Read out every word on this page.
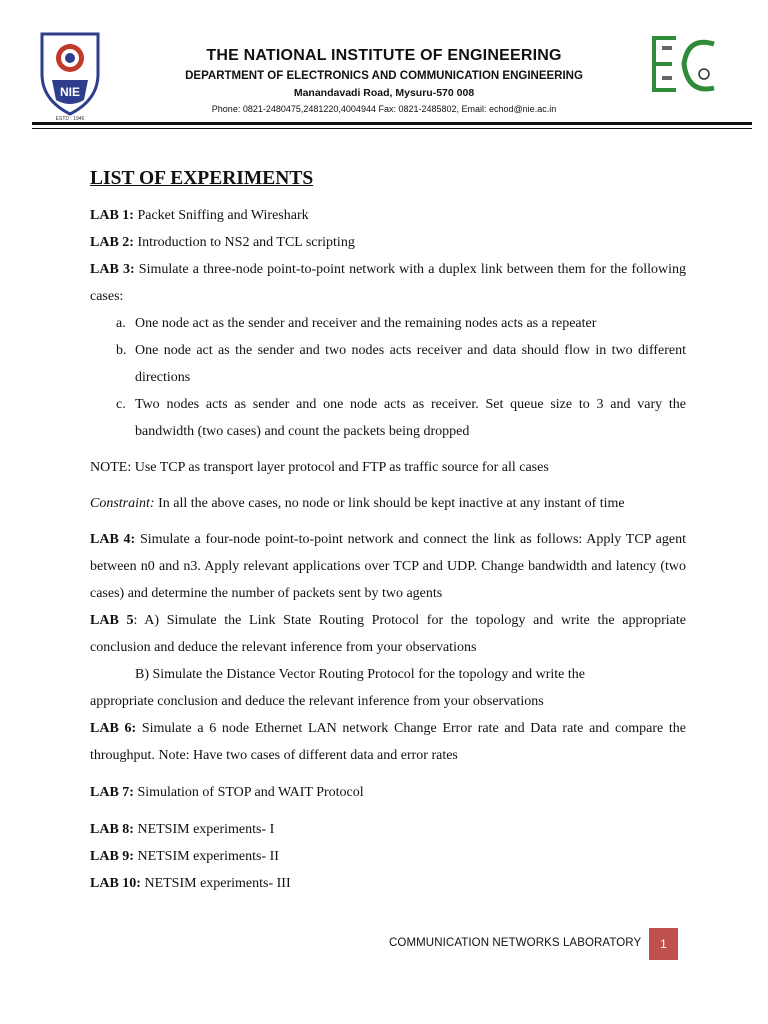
NIE
ESTD : 1946
THE NATIONAL INSTITUTE OF ENGINEERING
DEPARTMENT OF ELECTRONICS AND COMMUNICATION ENGINEERING
Manandavadi Road, Mysuru-570 008
Phone: 0821-2480475,2481220,4004944 Fax: 0821-2485802, Email: echod@nie.ac.in

LIST OF EXPERIMENTS

LAB 1: Packet Sniffing and Wireshark

LAB 2: Introduction to NS2 and TCL scripting

LAB 3: Simulate a three-node point-to-point network with a duplex link between them for the following cases:

a. One node act as the sender and receiver and the remaining nodes acts as a repeater
b. One node act as the sender and two nodes acts receiver and data should flow in two different directions
c. Two nodes acts as sender and one node acts as receiver. Set queue size to 3 and vary the bandwidth (two cases) and count the packets being dropped

NOTE: Use TCP as transport layer protocol and FTP as traffic source for all cases

Constraint: In all the above cases, no node or link should be kept inactive at any instant of time

LAB 4: Simulate a four-node point-to-point network and connect the link as follows: Apply TCP agent between n0 and n3. Apply relevant applications over TCP and UDP. Change bandwidth and latency (two cases) and determine the number of packets sent by two agents

LAB 5: A) Simulate the Link State Routing Protocol for the topology and write the appropriate conclusion and deduce the relevant inference from your observations

B) Simulate the Distance Vector Routing Protocol for the topology and write the

appropriate conclusion and deduce the relevant inference from your observations

LAB 6: Simulate a 6 node Ethernet LAN network Change Error rate and Data rate and compare the throughput. Note: Have two cases of different data and error rates

LAB 7: Simulation of STOP and WAIT Protocol

LAB 8: NETSIM experiments- I

LAB 9: NETSIM experiments- II

LAB 10: NETSIM experiments- III

COMMUNICATION NETWORKS LABORATORY	1
